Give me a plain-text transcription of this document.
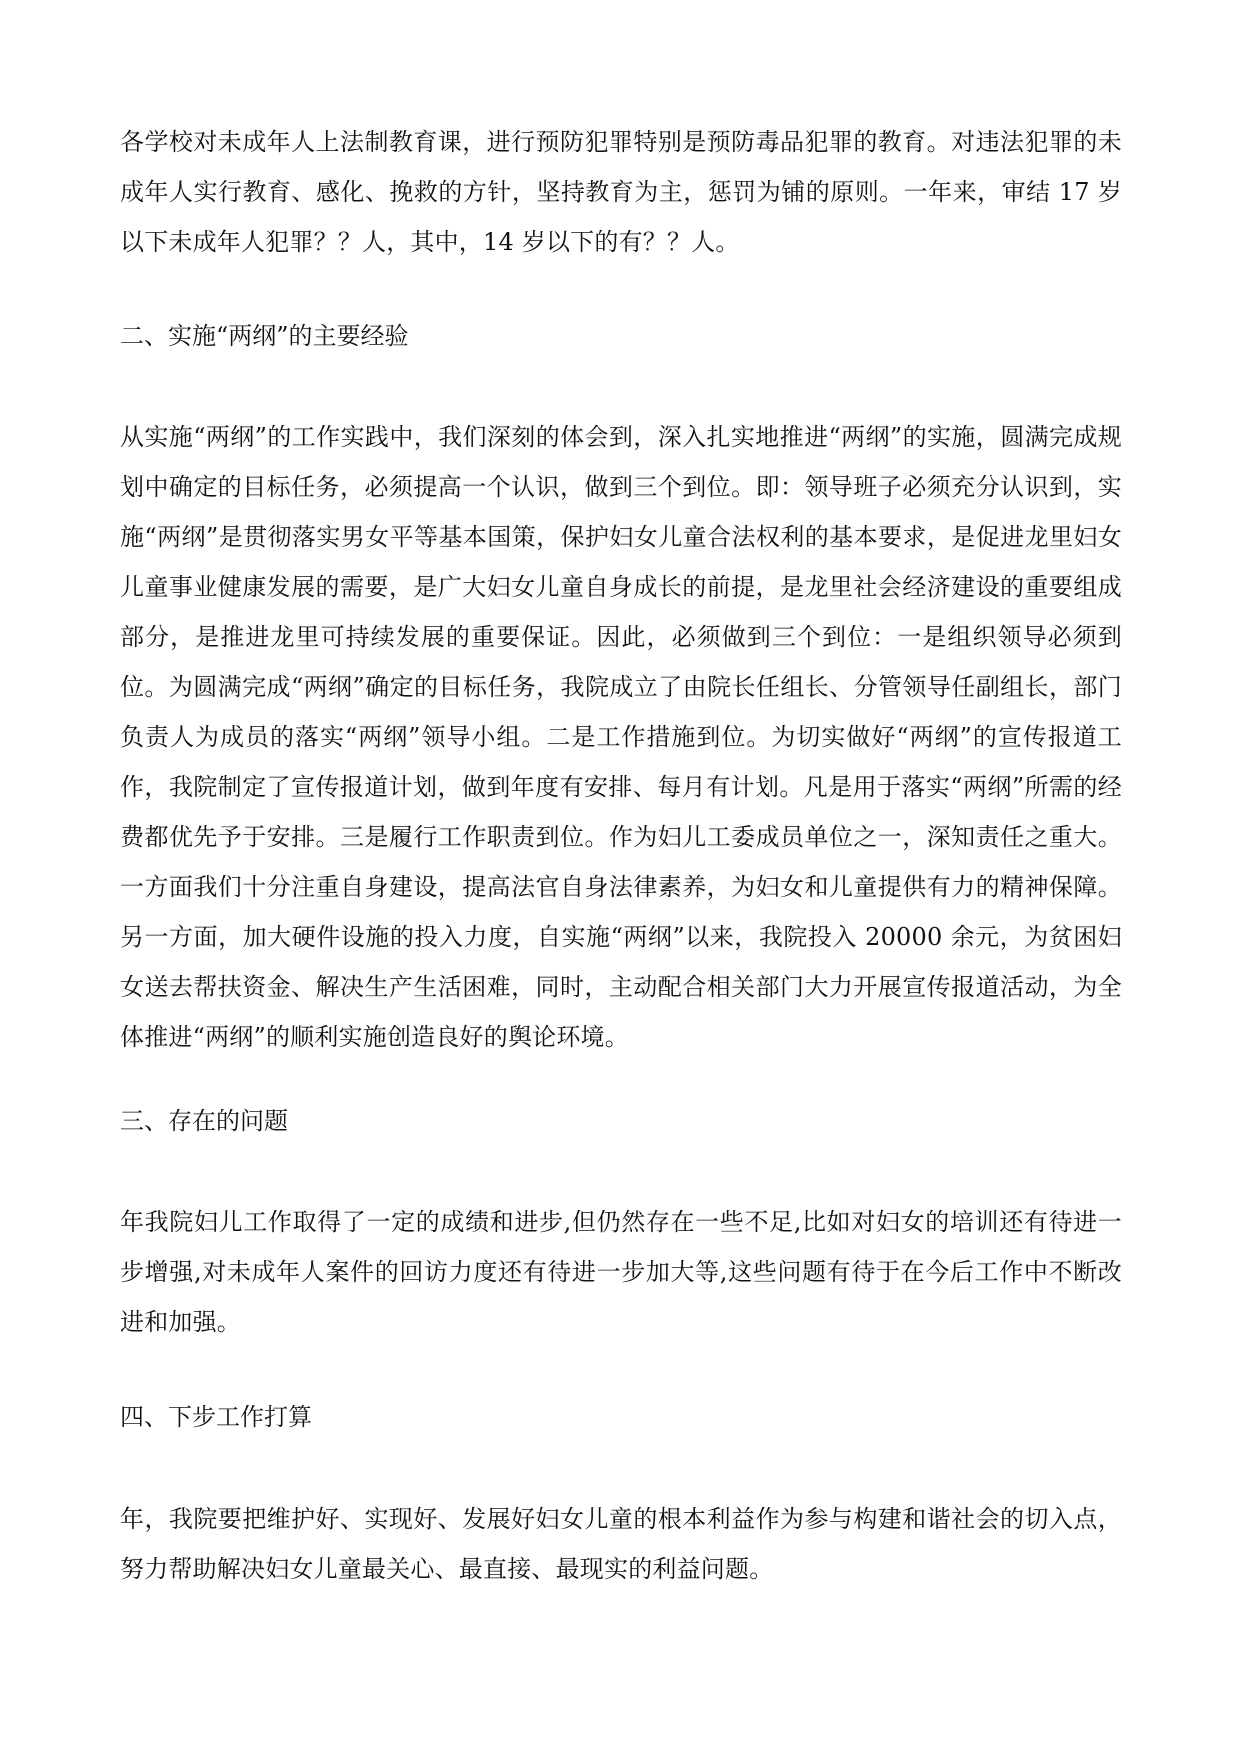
各学校对未成年人上法制教育课，进行预防犯罪特别是预防毒品犯罪的教育。对违法犯罪的未成年人实行教育、感化、挽救的方针，坚持教育为主，惩罚为铺的原则。一年来，审结 17 岁以下未成年人犯罪？？人，其中，14 岁以下的有？？人。

二、实施“两纲”的主要经验

从实施“两纲”的工作实践中，我们深刻的体会到，深入扎实地推进“两纲”的实施，圆满完成规划中确定的目标任务，必须提高一个认识，做到三个到位。即：领导班子必须充分认识到，实施“两纲”是贯彻落实男女平等基本国策，保护妇女儿童合法权利的基本要求，是促进龙里妇女儿童事业健康发展的需要，是广大妇女儿童自身成长的前提，是龙里社会经济建设的重要组成部分，是推进龙里可持续发展的重要保证。因此，必须做到三个到位：一是组织领导必须到位。为圆满完成“两纲”确定的目标任务，我院成立了由院长任组长、分管领导任副组长，部门负责人为成员的落实“两纲”领导小组。二是工作措施到位。为切实做好“两纲”的宣传报道工作，我院制定了宣传报道计划，做到年度有安排、每月有计划。凡是用于落实“两纲”所需的经费都优先予于安排。三是履行工作职责到位。作为妇儿工委成员单位之一，深知责任之重大。一方面我们十分注重自身建设，提高法官自身法律素养，为妇女和儿童提供有力的精神保障。另一方面，加大硬件设施的投入力度，自实施“两纲”以来，我院投入 20000 余元，为贫困妇女送去帮扶资金、解决生产生活困难，同时，主动配合相关部门大力开展宣传报道活动，为全体推进“两纲”的顺利实施创造良好的舆论环境。

三、存在的问题

年我院妇儿工作取得了一定的成绩和进步,但仍然存在一些不足,比如对妇女的培训还有待进一步增强,对未成年人案件的回访力度还有待进一步加大等,这些问题有待于在今后工作中不断改进和加强。

四、下步工作打算

年，我院要把维护好、实现好、发展好妇女儿童的根本利益作为参与构建和谐社会的切入点，努力帮助解决妇女儿童最关心、最直接、最现实的利益问题。
